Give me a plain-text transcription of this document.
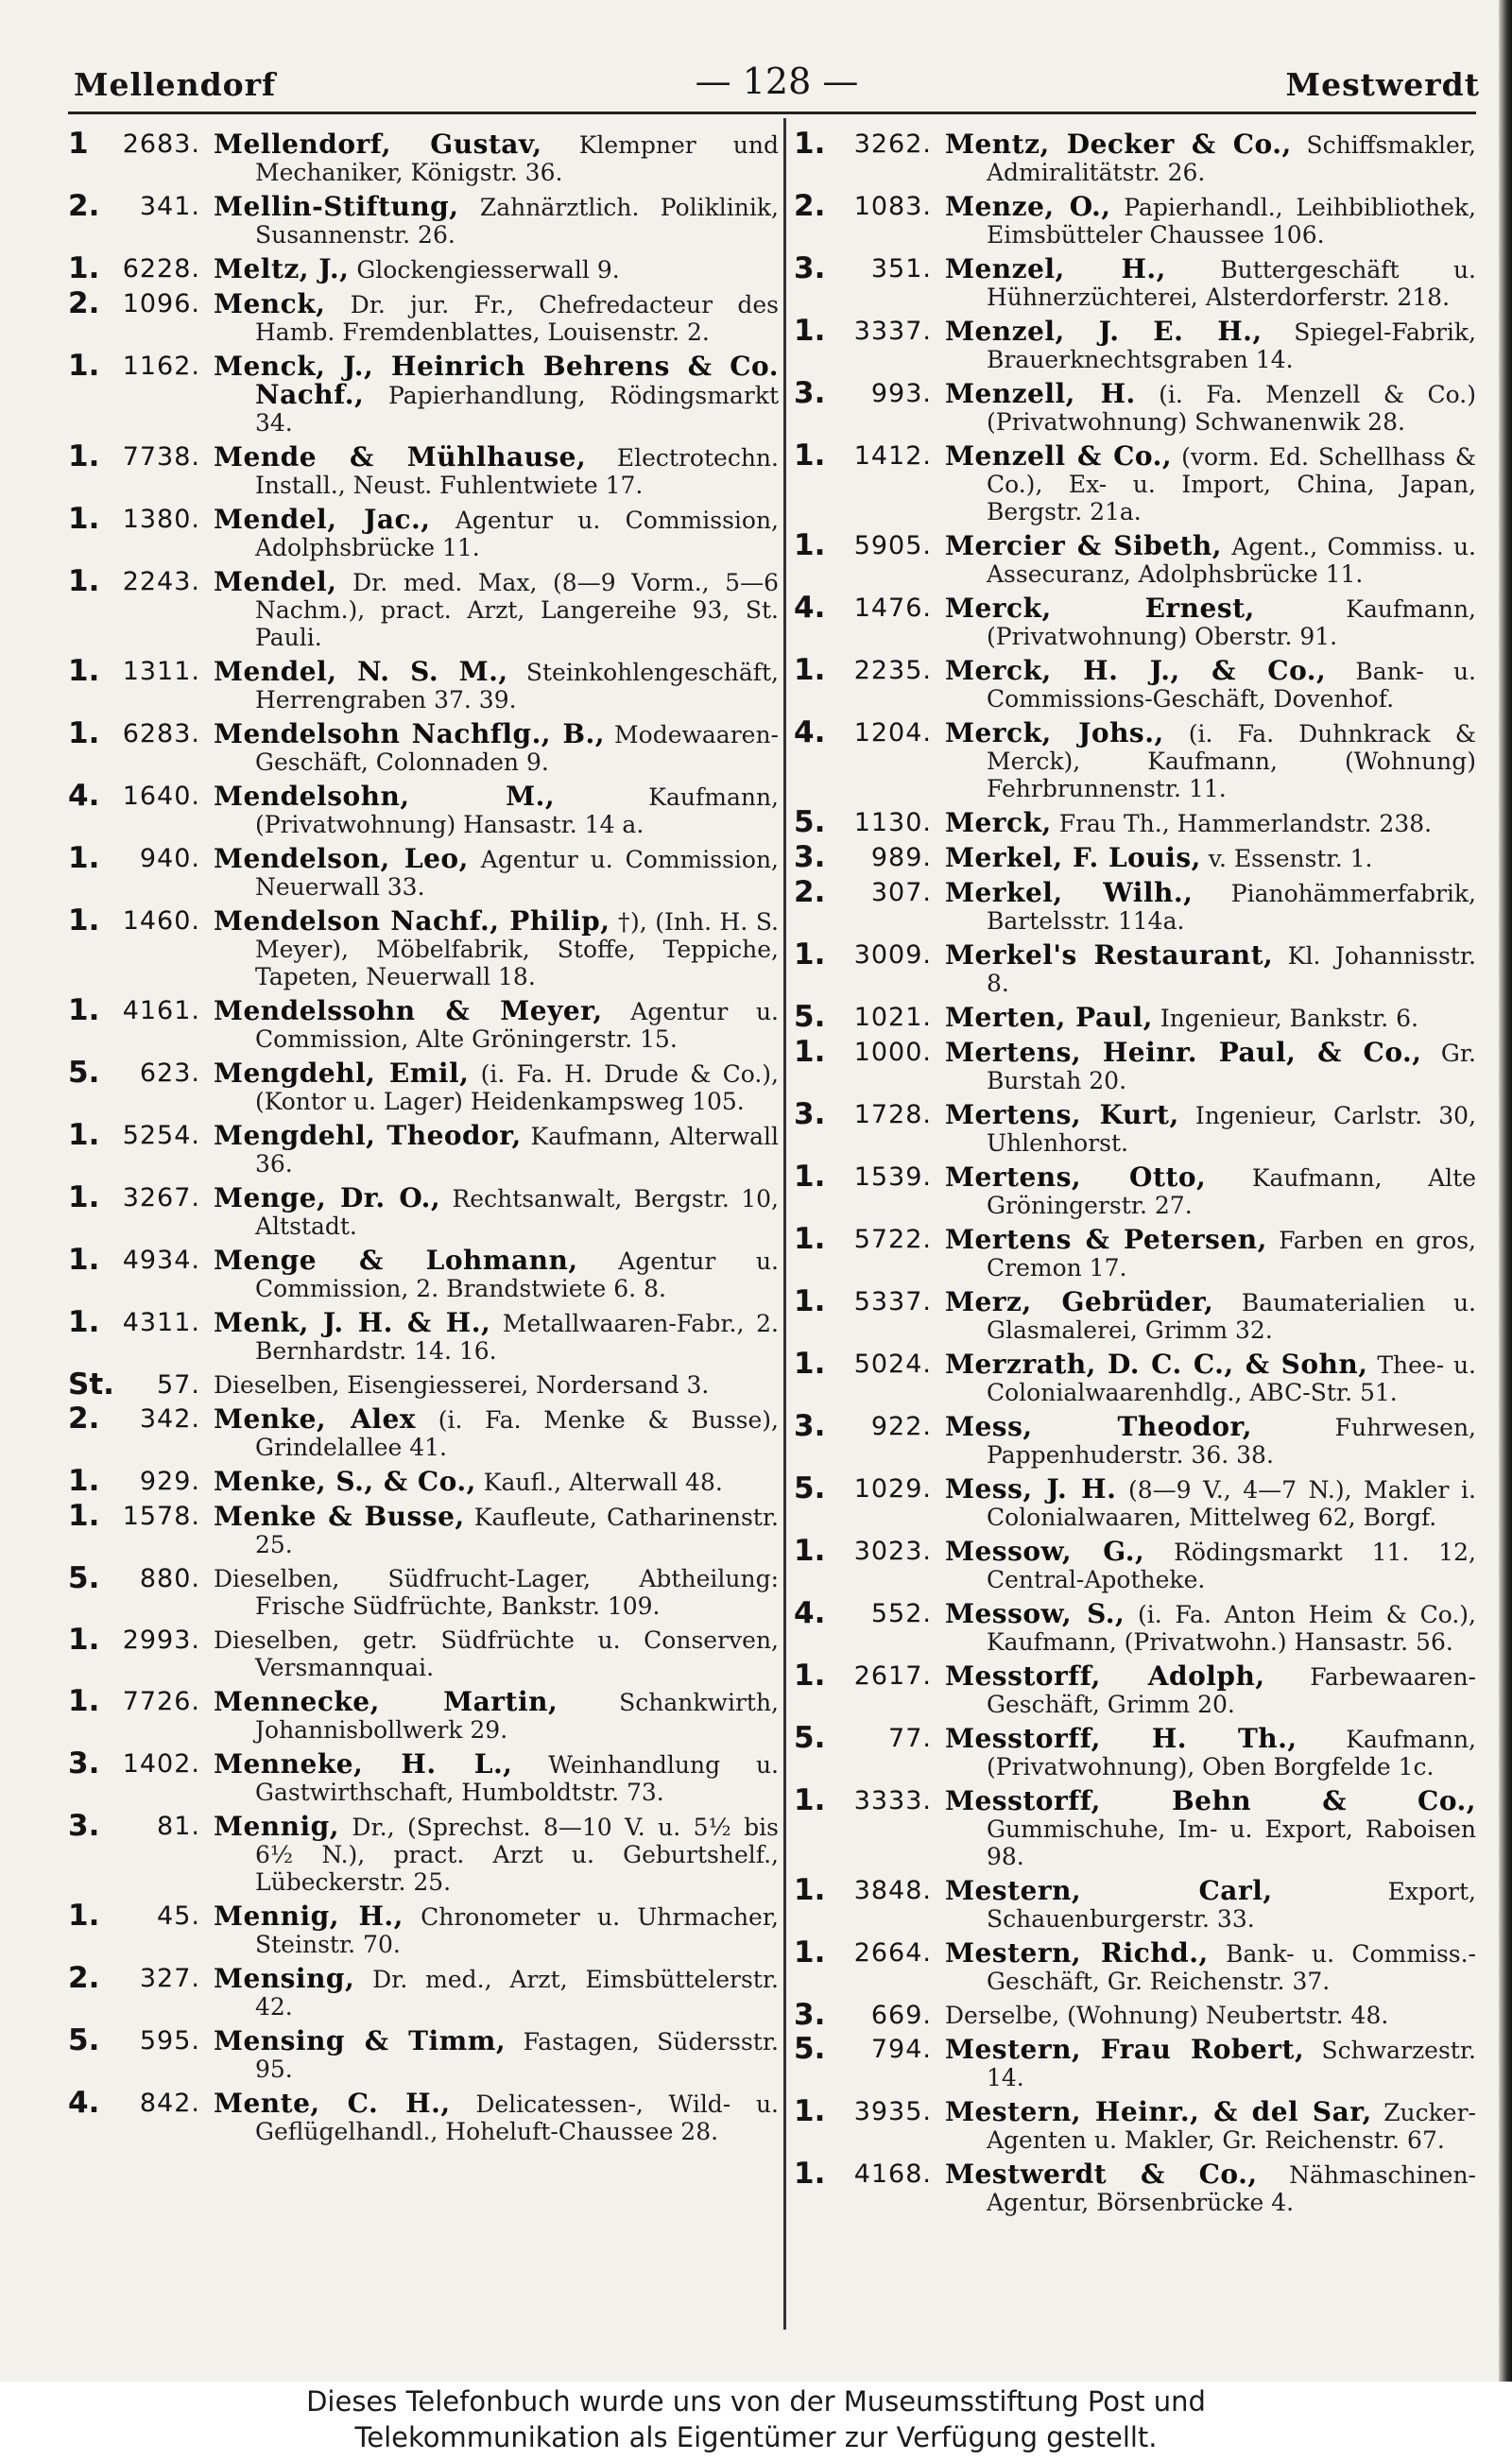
Mellendorf	— 128 —	Mestwerdt
1 2683. Mellendorf, Gustav, Klempner und Mechaniker, Königstr. 36.
2. 341. Mellin-Stiftung, Zahnärztlich. Poliklinik, Susannenstr. 26.
1. 6228. Meltz, J., Glockengiesserwall 9.
2. 1096. Menck, Dr. jur. Fr., Chefredacteur des Hamb. Fremdenblattes, Louisenstr. 2.
1. 1162. Menck, J., Heinrich Behrens & Co. Nachf., Papierhandlung, Rödingsmarkt 34.
1. 7738. Mende & Mühlhause, Electrotechn. Install., Neust. Fuhlentwiete 17.
1. 1380. Mendel, Jac., Agentur u. Commission, Adolphsbrücke 11.
1. 2243. Mendel, Dr. med. Max, (8—9 Vorm., 5—6 Nachm.), pract. Arzt, Langereihe 93, St. Pauli.
1. 1311. Mendel, N. S. M., Steinkohlengeschäft, Herrengraben 37. 39.
1. 6283. Mendelsohn Nachflg., B., Modewaaren-Geschäft, Colonnaden 9.
4. 1640. Mendelsohn, M.,	Kaufmann, (Privatwohnung) Hansastr. 14 a.
1. 940. Mendelson, Leo, Agentur u. Commission, Neuerwall 33.
1. 1460. Mendelson Nachf., Philip, †), (Inh. H. S. Meyer), Möbelfabrik, Stoffe, Teppiche, Tapeten, Neuerwall 18.
1. 4161. Mendelssohn & Meyer, Agentur u. Commission, Alte Gröningerstr. 15.
5. 623. Mengdehl, Emil, (i. Fa. H. Drude & Co.), (Kontor u. Lager) Heidenkampsweg 105.
1. 5254. Mengdehl, Theodor, Kaufmann, Alterwall 36.
1. 3267. Menge, Dr. O., Rechtsanwalt, Bergstr. 10, Altstadt.
1. 4934. Menge & Lohmann, Agentur u. Commission, 2. Brandstwiete 6. 8.
1. 4311. Menk, J. H. & H., Metallwaaren-Fabr., 2. Bernhardstr. 14. 16.
St. 57. Dieselben, Eisengiesserei, Nordersand 3.
2. 342. Menke, Alex (i. Fa. Menke & Busse), Grindelallee 41.
1. 929. Menke, S., & Co., Kaufl., Alterwall 48.
1. 1578. Menke & Busse, Kaufleute, Catharinenstr. 25.
5. 880. Dieselben, Südfrucht-Lager, Abtheilung: Frische Südfrüchte, Bankstr. 109.
1. 2993. Dieselben, getr. Südfrüchte u. Conserven, Versmannquai.
1. 7726. Mennecke, Martin,	Schankwirth, Johannisbollwerk 29.
3. 1402. Menneke, H. L., Weinhandlung u. Gastwirthschaft, Humboldtstr. 73.
3. 81. Mennig, Dr., (Sprechst. 8—10 V. u. 5½ bis 6½ N.), pract. Arzt u. Geburtshelf., Lübeckerstr. 25.
1. 45. Mennig, H., Chronometer u. Uhrmacher, Steinstr. 70.
2. 327. Mensing, Dr. med., Arzt, Eimsbüttelerstr. 42.
5. 595. Mensing & Timm, Fastagen, Südersstr. 95.
4. 842. Mente, C. H., Delicatessen-, Wild- u. Geflügelhandl., Hoheluft-Chaussee 28.
1. 3262. Mentz, Decker & Co., Schiffsmakler, Admiralitätstr. 26.
2. 1083. Menze, O., Papierhandl., Leihbibliothek, Eimsbütteler Chaussee 106.
3. 351. Menzel, H., Buttergeschäft u. Hühnerzüchterei, Alsterdorferstr. 218.
1. 3337. Menzel, J. E. H., Spiegel-Fabrik, Brauerknechtsgraben 14.
3. 993. Menzell, H. (i. Fa. Menzell & Co.) (Privatwohnung) Schwanenwik 28.
1. 1412. Menzell & Co., (vorm. Ed. Schellhass & Co.), Ex- u. Import, China, Japan, Bergstr. 21a.
1. 5905. Mercier & Sibeth, Agent., Commiss. u. Assecuranz, Adolphsbrücke 11.
4. 1476. Merck, Ernest,	Kaufmann, (Privatwohnung) Oberstr. 91.
1. 2235. Merck, H. J., & Co., Bank- u. Commissions-Geschäft, Dovenhof.
4. 1204. Merck, Johs., (i. Fa. Duhnkrack & Merck), Kaufmann, (Wohnung) Fehrbrunnenstr. 11.
5. 1130. Merck, Frau Th., Hammerlandstr. 238.
3. 989. Merkel, F. Louis, v. Essenstr. 1.
2. 307. Merkel, Wilh., Pianohämmerfabrik, Bartelsstr. 114a.
1. 3009. Merkel's Restaurant, Kl. Johannisstr. 8.
5. 1021. Merten, Paul, Ingenieur, Bankstr. 6.
1. 1000. Mertens, Heinr. Paul, & Co., Gr. Burstah 20.
3. 1728. Mertens, Kurt, Ingenieur, Carlstr. 30, Uhlenhorst.
1. 1539. Mertens, Otto, Kaufmann, Alte Gröningerstr. 27.
1. 5722. Mertens & Petersen, Farben en gros, Cremon 17.
1. 5337. Merz, Gebrüder, Baumaterialien u. Glasmalerei, Grimm 32.
1. 5024. Merzrath, D. C. C., & Sohn, Thee- u. Colonialwaarenhdlg., ABC-Str. 51.
3. 922. Mess, Theodor,	Fuhrwesen, Pappenhuderstr. 36. 38.
5. 1029. Mess, J. H. (8—9 V., 4—7 N.), Makler i. Colonialwaaren, Mittelweg 62, Borgf.
1. 3023. Messow, G., Rödingsmarkt 11. 12, Central-Apotheke.
4. 552. Messow, S., (i. Fa. Anton Heim & Co.), Kaufmann, (Privatwohn.) Hansastr. 56.
1. 2617. Messtorff, Adolph, Farbewaaren-Geschäft, Grimm 20.
5. 77. Messtorff, H. Th., Kaufmann, (Privatwohnung), Oben Borgfelde 1c.
1. 3333. Messtorff, Behn & Co., Gummischuhe, Im- u. Export, Raboisen 98.
1. 3848. Mestern, Carl,	Export, Schauenburgerstr. 33.
1. 2664. Mestern, Richd., Bank- u. Commiss.-Geschäft, Gr. Reichenstr. 37.
3. 669. Derselbe, (Wohnung) Neubertstr. 48.
5. 794. Mestern, Frau Robert, Schwarzestr. 14.
1. 3935. Mestern, Heinr., & del Sar, Zucker-Agenten u. Makler, Gr. Reichenstr. 67.
1. 4168. Mestwerdt & Co., Nähmaschinen-Agentur, Börsenbrücke 4.
Dieses Telefonbuch wurde uns von der Museumsstiftung Post und
Telekommunikation als Eigentümer zur Verfügung gestellt.
